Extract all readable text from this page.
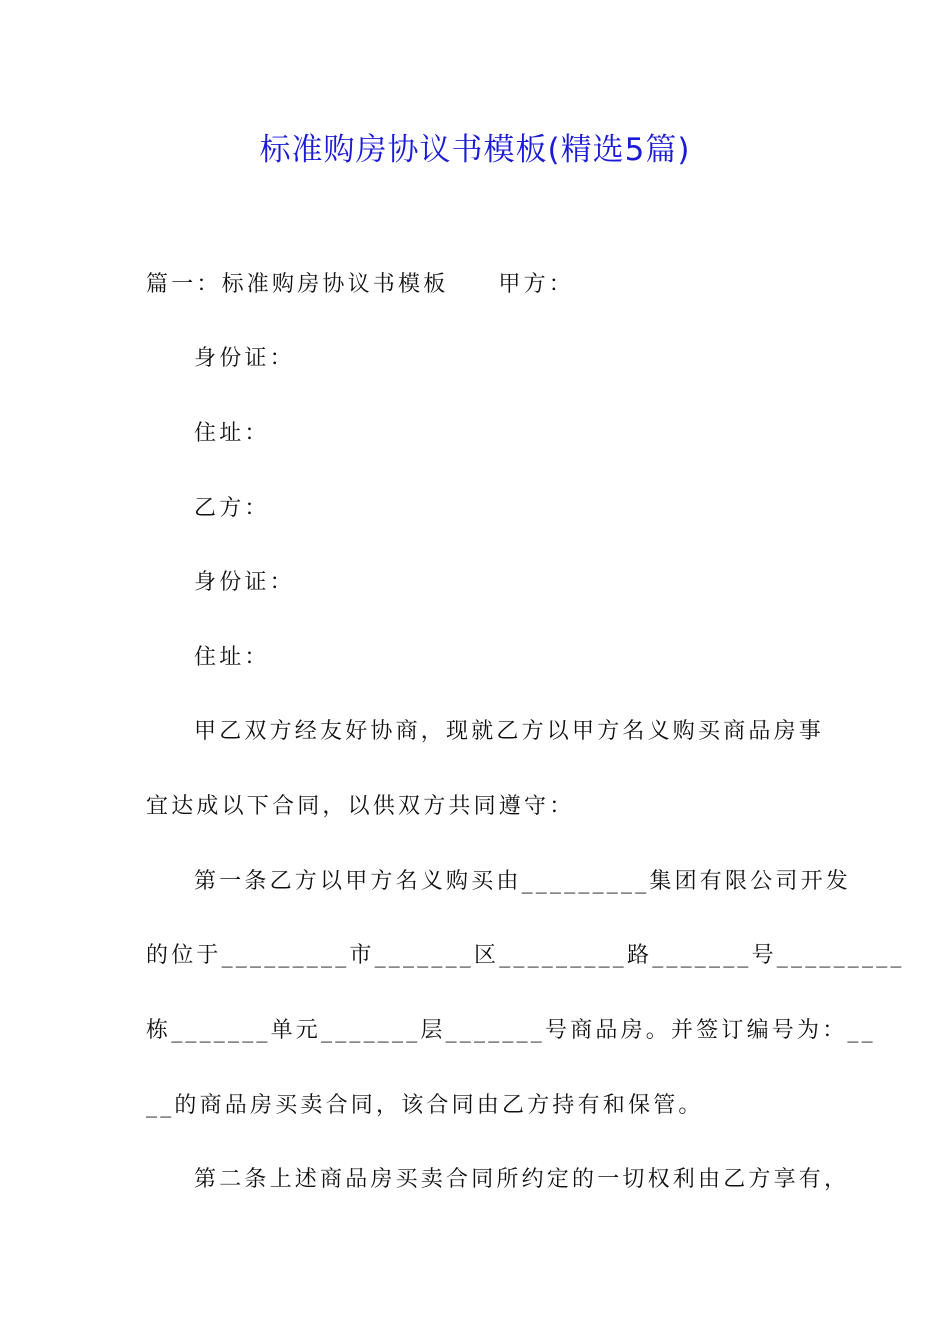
标准购房协议书模板(精选5篇)
篇一：标准购房协议书模板 甲方：
身份证：
住址：
乙方：
身份证：
住址：
甲乙双方经友好协商，现就乙方以甲方名义购买商品房事
宜达成以下合同，以供双方共同遵守：
第一条乙方以甲方名义购买由_________集团有限公司开发
的位于_________市_______区_________路_______号_________
栋_______单元_______层_______号商品房。并签订编号为：__
__的商品房买卖合同，该合同由乙方持有和保管。
第二条上述商品房买卖合同所约定的一切权利由乙方享有，
